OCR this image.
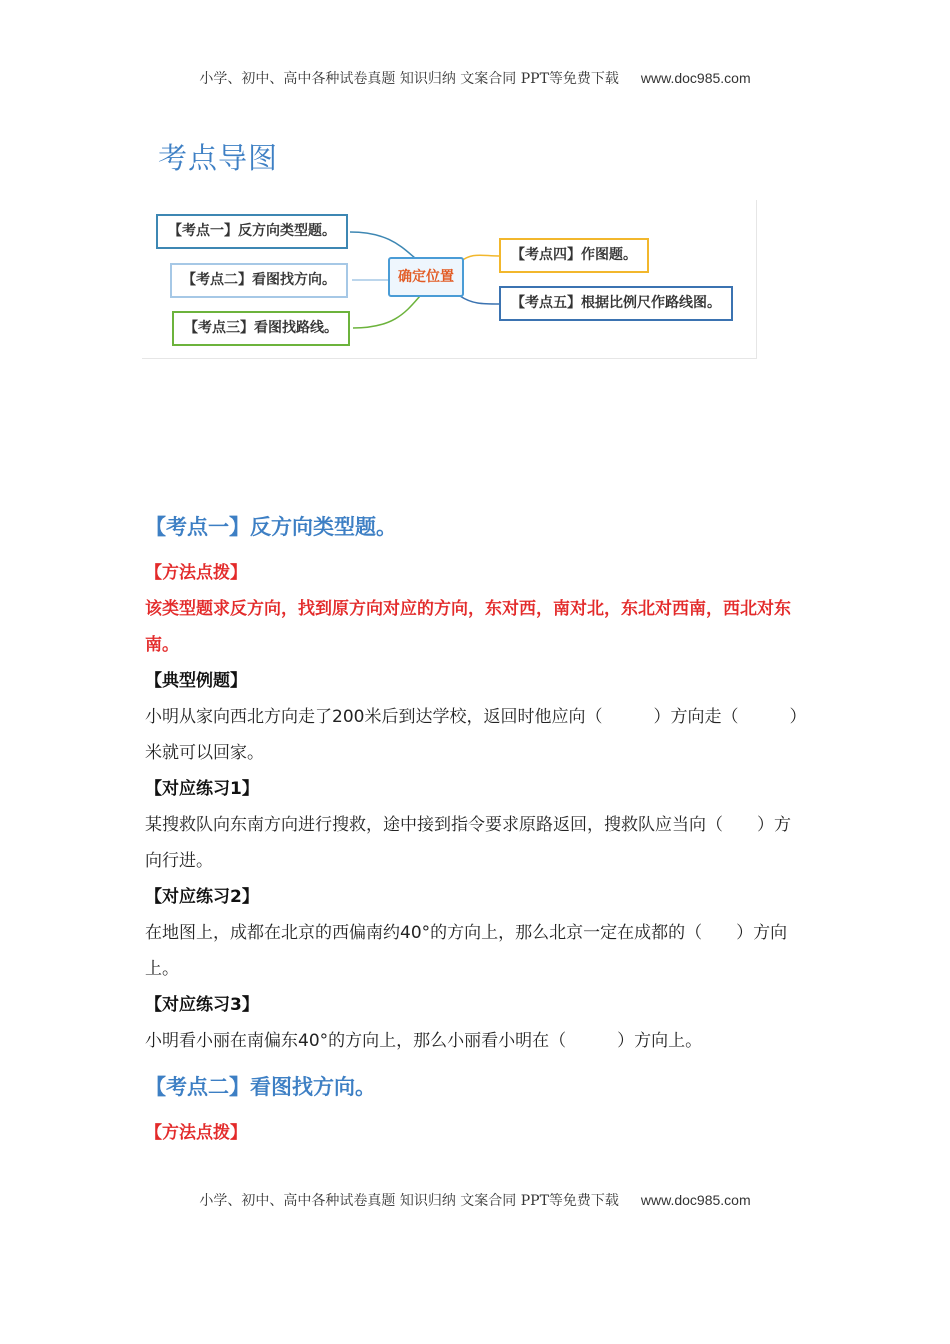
小学、初中、高中各种试卷真题 知识归纳 文案合同 PPT等免费下载 www.doc985.com
考点导图
【考点一】反方向类型题。
【考点二】看图找方向。
【考点三】看图找路线。
确定位置
【考点四】作图题。
【考点五】根据比例尺作路线图。
【考点一】反方向类型题。
【方法点拨】
该类型题求反方向，找到原方向对应的方向，东对西，南对北，东北对西南，西北对东南。
【典型例题】
小明从家向西北方向走了200米后到达学校，返回时他应向（　　　）方向走（　　　）米就可以回家。
【对应练习1】
某搜救队向东南方向进行搜救，途中接到指令要求原路返回，搜救队应当向（　　）方向行进。
【对应练习2】
在地图上，成都在北京的西偏南约40°的方向上，那么北京一定在成都的（　　）方向上。
【对应练习3】
小明看小丽在南偏东40°的方向上，那么小丽看小明在（　　　）方向上。
【考点二】看图找方向。
【方法点拨】
小学、初中、高中各种试卷真题 知识归纳 文案合同 PPT等免费下载 www.doc985.com
